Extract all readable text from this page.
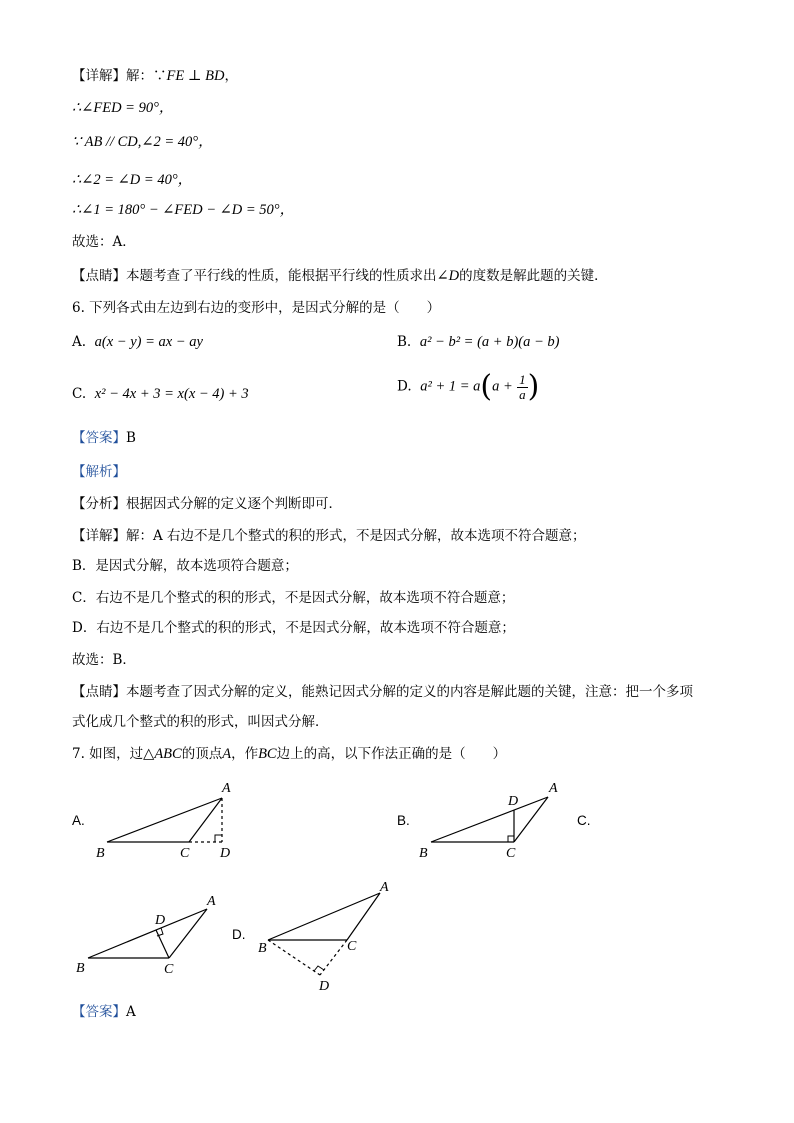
【详解】解：∵FE ⊥ BD，
∴∠FED = 90°，
∵ AB // CD,∠2 = 40°，
∴∠2 = ∠D = 40°，
∴∠1 = 180° − ∠FED − ∠D = 50°，
故选：A．
【点睛】本题考查了平行线的性质，能根据平行线的性质求出∠D的度数是解此题的关键．
6. 下列各式由左边到右边的变形中，是因式分解的是（　　）
A. a(x − y) = ax − ay	B. a² − b² = (a + b)(a − b)
C. x² − 4x + 3 = x(x − 4) + 3	D. $a^2 + 1 = a(a + \frac{1}{a}$ )
【答案】B
【解析】
【分析】根据因式分解的定义逐个判断即可．
【详解】解：A 右边不是几个整式的积的形式，不是因式分解，故本选项不符合题意；
B．是因式分解，故本选项符合题意；
C．右边不是几个整式的积的形式，不是因式分解，故本选项不符合题意；
D．右边不是几个整式的积的形式，不是因式分解，故本选项不符合题意；
故选：B．
【点睛】本题考查了因式分解的定义，能熟记因式分解的定义的内容是解此题的关键，注意：把一个多项
式化成几个整式的积的形式，叫因式分解．
7. 如图，过△ABC的顶点A，作BC边上的高，以下作法正确的是（　　）
A.	B.	C.
D.
A
B	C D
A
B	C
D
A
B	C
D
A
B	C
D
【答案】A
